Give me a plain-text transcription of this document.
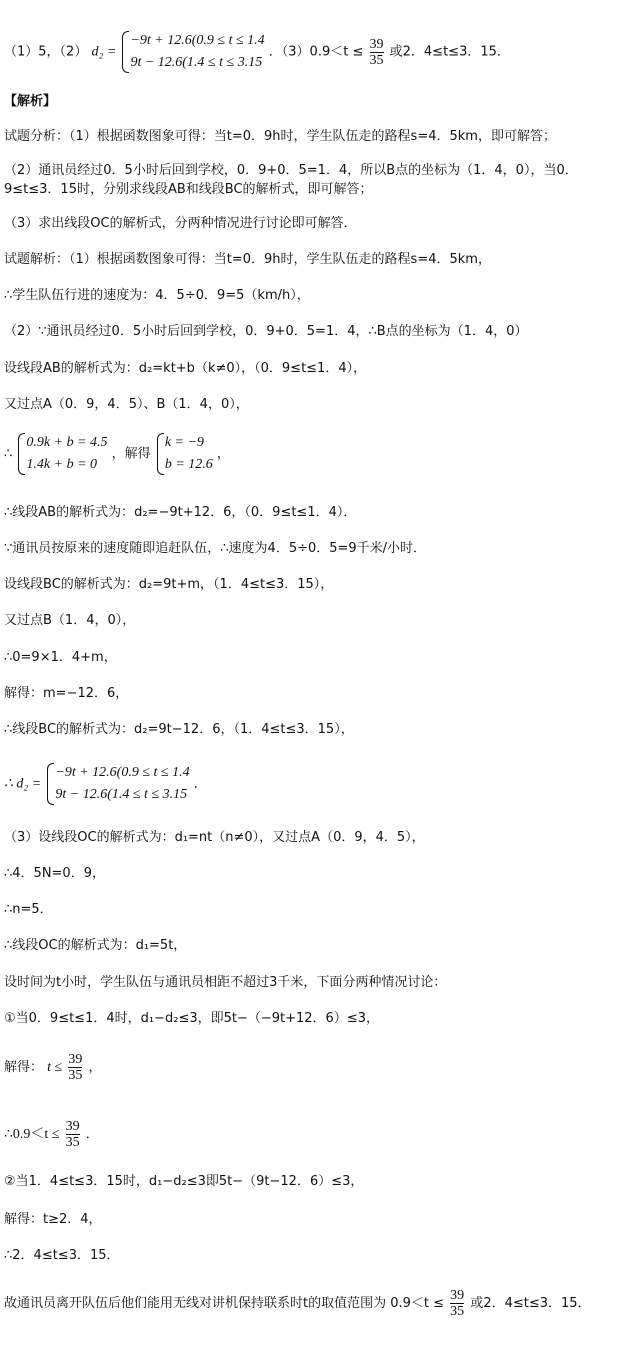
（1）5，（2） d₂ =
−9t + 12.6(0.9 ≤ t ≤ 1.4
9t − 12.6(1.4 ≤ t ≤ 3.15
．$(3)0.9<t \le \frac{39}{35}$ 或2．4≤t≤3．15．
【解析】
试题分析：（1）根据函数图象可得：当t=0．9h时，学生队伍走的路程s=4．5km，即可解答；
（2）通讯员经过0．5小时后回到学校，0．9+0．5=1．4，所以B点的坐标为（1．4，0），当0．
9≤t≤3．15时，分别求线段AB和线段BC的解析式，即可解答；
（3）求出线段OC的解析式，分两种情况进行讨论即可解答．
试题解析：（1）根据函数图象可得：当t=0．9h时，学生队伍走的路程s=4．5km，
∴学生队伍行进的速度为：4．5÷0．9=5（km/h），
（2）∵通讯员经过0．5小时后回到学校，0．9+0．5=1．4，∴B点的坐标为（1．4，0）
设线段AB的解析式为：d₂=kt+b（k≠0），（0．9≤t≤1．4），
又过点A（0．9，4．5）、B（1．4，0），
∴
0.9k + b = 4.5
1.4k + b = 0
，解得
k = −9
b = 12.6
，
∴线段AB的解析式为：d₂=−9t+12．6，（0．9≤t≤1．4）．
∵通讯员按原来的速度随即追赶队伍，∴速度为4．5÷0．5=9千米/小时．
设线段BC的解析式为：d₂=9t+m，（1．4≤t≤3．15），
又过点B（1．4，0），
∴0=9×1．4+m，
解得：m=−12．6，
∴线段BC的解析式为：d₂=9t−12．6，（1．4≤t≤3．15），
∴ d₂ =
−9t + 12.6(0.9 ≤ t ≤ 1.4
9t − 12.6(1.4 ≤ t ≤ 3.15
．
（3）设线段OC的解析式为：d₁=nt（n≠0），又过点A（0．9，4．5），
∴4．5N=0．9，
∴n=5．
∴线段OC的解析式为：d₁=5t，
设时间为t小时，学生队伍与通讯员相距不超过3千米，下面分两种情况讨论：
①当0．9≤t≤1．4时，d₁−d₂≤3，即5t−（−9t+12．6）≤3，
解得： $t \le \frac{39}{35}$ ，
∴0.9＜t ≤ $\frac{39}{35}$ ．
②当1．4≤t≤3．15时，d₁−d₂≤3即5t−（9t−12．6）≤3，
解得：t≥2．4，
∴2．4≤t≤3．15．
故通讯员离开队伍后他们能用无线对讲机保持联系时t的取值范围为 $0.9<t \le \frac{39}{35}$ 或2．4≤t≤3．15．
